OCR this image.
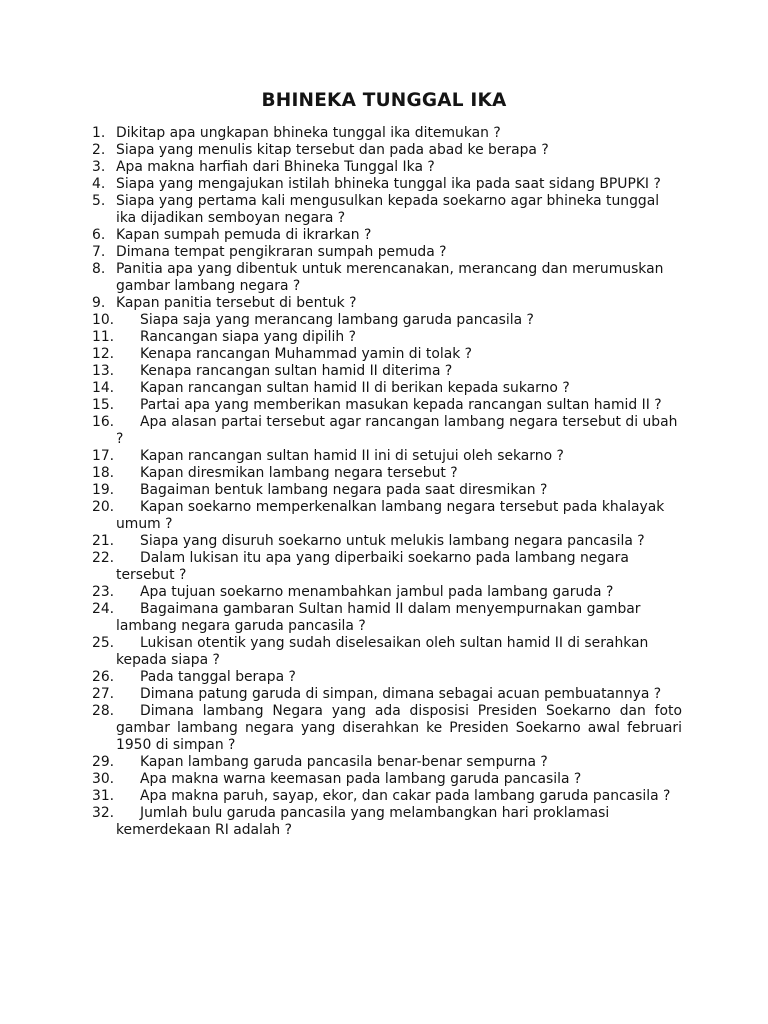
BHINEKA TUNGGAL IKA
1. Dikitap apa ungkapan bhineka tunggal ika ditemukan ?
2. Siapa yang menulis kitap tersebut dan pada abad ke berapa ?
3. Apa makna harfiah dari Bhineka Tunggal Ika ?
4. Siapa yang mengajukan istilah bhineka tunggal ika pada saat sidang BPUPKI ?
5. Siapa yang pertama kali mengusulkan kepada soekarno agar bhineka tunggal ika dijadikan semboyan negara ?
6. Kapan sumpah pemuda di ikrarkan ?
7. Dimana tempat pengikraran sumpah pemuda ?
8. Panitia apa yang dibentuk untuk merencanakan, merancang dan merumuskan gambar lambang negara ?
9. Kapan panitia tersebut di bentuk ?
10.	Siapa saja yang merancang lambang garuda pancasila ?
11.	Rancangan siapa yang dipilih ?
12.	Kenapa rancangan Muhammad yamin di tolak ?
13.	Kenapa rancangan sultan hamid II diterima ?
14.	Kapan rancangan sultan hamid II di berikan kepada sukarno ?
15.	Partai apa yang memberikan masukan kepada rancangan sultan hamid II ?
16.	Apa alasan partai tersebut agar rancangan lambang negara tersebut di ubah ?
17.	Kapan rancangan sultan hamid II ini di setujui oleh sekarno ?
18.	Kapan diresmikan lambang negara tersebut ?
19.	Bagaiman bentuk lambang negara pada saat diresmikan ?
20.	Kapan soekarno memperkenalkan lambang negara tersebut pada khalayak umum ?
21.	Siapa yang disuruh soekarno untuk melukis lambang negara pancasila ?
22.	Dalam lukisan itu apa yang diperbaiki soekarno pada lambang negara tersebut ?
23.	Apa tujuan soekarno menambahkan jambul pada lambang garuda ?
24.	Bagaimana gambaran Sultan hamid II dalam menyempurnakan gambar lambang negara garuda pancasila ?
25.	Lukisan otentik yang sudah diselesaikan oleh sultan hamid II di serahkan kepada siapa ?
26.	Pada tanggal berapa ?
27.	Dimana patung garuda di simpan, dimana sebagai acuan pembuatannya ?
28.	Dimana lambang Negara yang ada disposisi Presiden Soekarno dan foto gambar lambang negara yang diserahkan ke Presiden Soekarno awal februari 1950 di simpan ?
29.	Kapan lambang garuda pancasila benar-benar sempurna ?
30.	Apa makna warna keemasan pada lambang garuda pancasila ?
31.	Apa makna paruh, sayap, ekor, dan cakar pada lambang garuda pancasila ?
32.	Jumlah bulu garuda pancasila yang melambangkan hari proklamasi kemerdekaan RI adalah ?
